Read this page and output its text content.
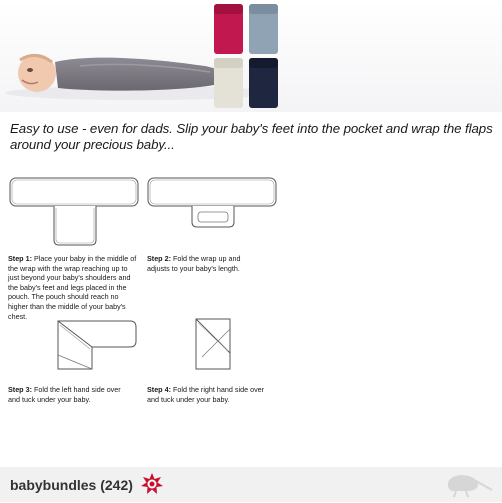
Easy to use - even for dads. Slip your baby's feet into the pocket and wrap the flaps around your precious baby...
Step 1: Place your baby in the middle of the wrap with the wrap reaching up to just beyond your baby's shoulders and the baby's feet and legs placed in the pouch. The pouch should reach no higher than the middle of your baby's chest.
Step 2: Fold the wrap up and adjusts to your baby's length.
Step 3: Fold the left hand side over and tuck under your baby.
Step 4: Fold the right hand side over and tuck under your baby.
babybundles (242)
